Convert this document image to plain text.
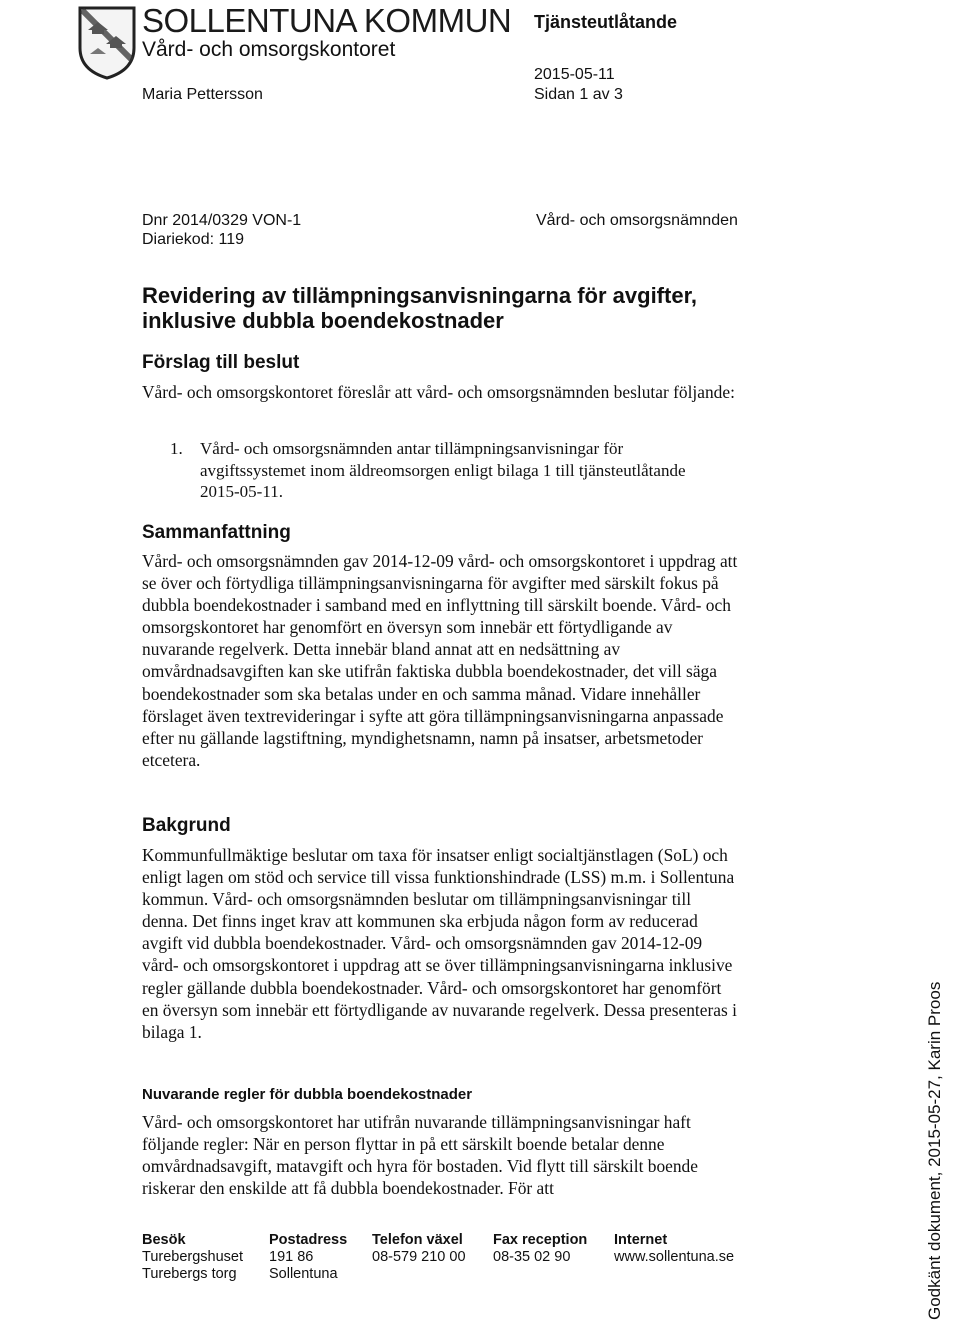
SOLLENTUNA KOMMUN Tjänsteutlåtande
Vård- och omsorgskontoret
2015-05-11
Maria Pettersson	Sidan 1 av 3
Dnr 2014/0329 VON-1
Diariekod: 119
Vård- och omsorgsnämnden
Revidering av tillämpningsanvisningarna för avgifter, inklusive dubbla boendekostnader
Förslag till beslut
Vård- och omsorgskontoret föreslår att vård- och omsorgsnämnden beslutar följande:
1. Vård- och omsorgsnämnden antar tillämpningsanvisningar för avgiftssystemet inom äldreomsorgen enligt bilaga 1 till tjänsteutlåtande 2015-05-11.
Sammanfattning
Vård- och omsorgsnämnden gav 2014-12-09 vård- och omsorgskontoret i uppdrag att se över och förtydliga tillämpningsanvisningarna för avgifter med särskilt fokus på dubbla boendekostnader i samband med en inflyttning till särskilt boende. Vård- och omsorgskontoret har genomfört en översyn som innebär ett förtydligande av nuvarande regelverk. Detta innebär bland annat att en nedsättning av omvårdnadsavgiften kan ske utifrån faktiska dubbla boendekostnader, det vill säga boendekostnader som ska betalas under en och samma månad. Vidare innehåller förslaget även textrevideringar i syfte att göra tillämpningsanvisningarna anpassade efter nu gällande lagstiftning, myndighetsnamn, namn på insatser, arbetsmetoder etcetera.
Bakgrund
Kommunfullmäktige beslutar om taxa för insatser enligt socialtjänstlagen (SoL) och enligt lagen om stöd och service till vissa funktionshindrade (LSS) m.m. i Sollentuna kommun. Vård- och omsorgsnämnden beslutar om tillämpningsanvisningar till denna. Det finns inget krav att kommunen ska erbjuda någon form av reducerad avgift vid dubbla boendekostnader. Vård- och omsorgsnämnden gav 2014-12-09 vård- och omsorgskontoret i uppdrag att se över tillämpningsanvisningarna inklusive regler gällande dubbla boendekostnader. Vård- och omsorgskontoret har genomfört en översyn som innebär ett förtydligande av nuvarande regelverk. Dessa presenteras i bilaga 1.
Nuvarande regler för dubbla boendekostnader
Vård- och omsorgskontoret har utifrån nuvarande tillämpningsanvisningar haft följande regler: När en person flyttar in på ett särskilt boende betalar denne omvårdnadsavgift, matavgift och hyra för bostaden. Vid flytt till särskilt boende riskerar den enskilde att få dubbla boendekostnader. För att
Besök
Turebergshuset
Turebergs torg
Postadress
191 86
Sollentuna
Telefon växel
08-579 210 00
Fax reception
08-35 02 90
Internet
www.sollentuna.se	Godkänt dokument, 2015-05-27, Karin Proos
